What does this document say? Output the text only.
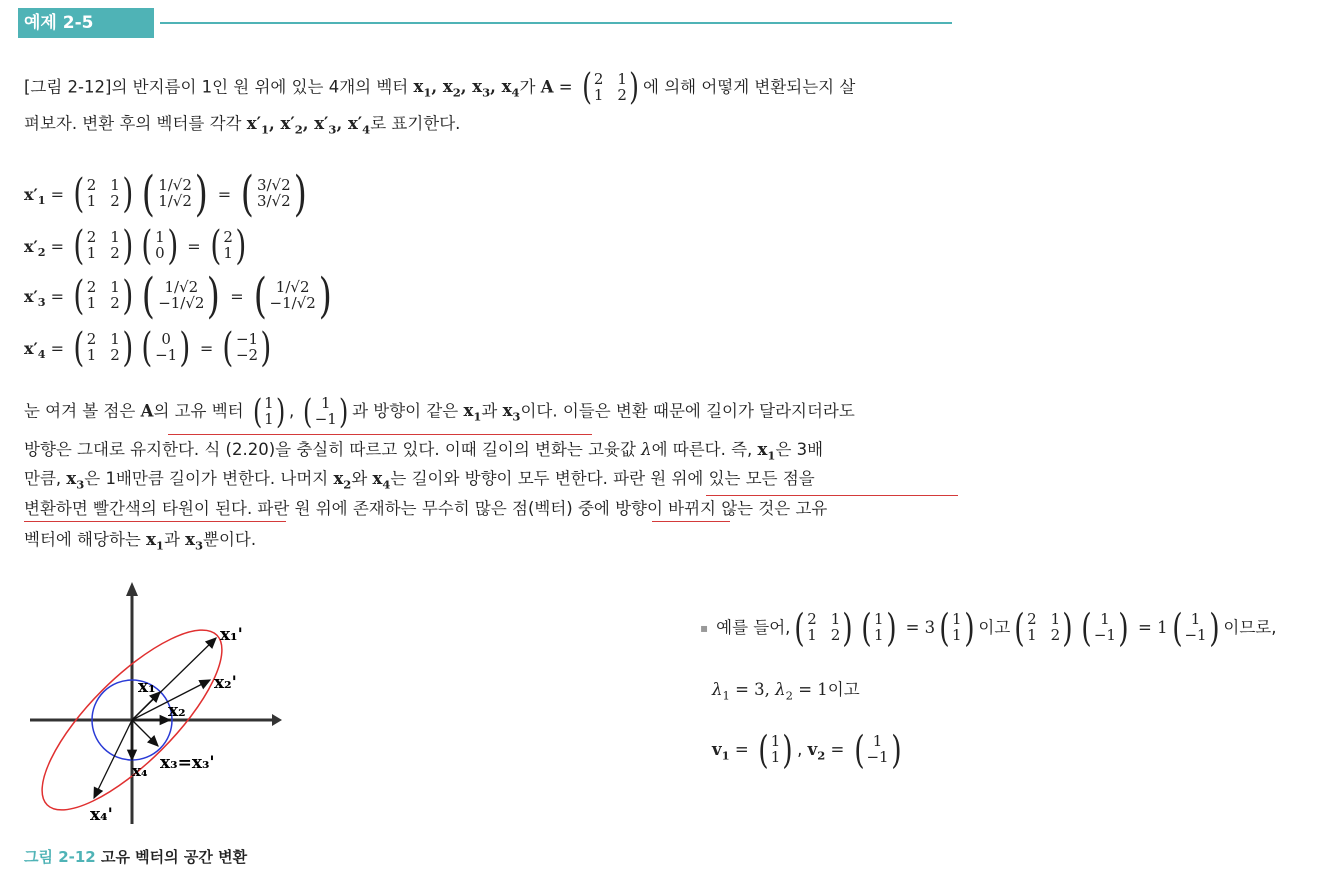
예제 2-5
[그림 2-12]의 반지름이 1인 원 위에 있는 4개의 벡터 $x_1$, $x_2$, $x_3$, $x_4$가 A = ( 2 1
1 2 ) 에 의해 어떻게 변환되는지 살
펴보자. 변환 후의 벡터를 각각 $x'_1$, $x'_2$, $x'_3$, $x'_4$로 표기한다.
$x'_1$ = ( 2 1
1 2 ) ( 1/√2
1/√2 ) = ( 3/√2
3/√2 )
$x'_2$ = ( 2 1
1 2 ) ( 1
0 ) = ( 2
1 )
$x'_3$ = ( 2 1
1 2 ) ( 1/√2
−1/√2 ) = ( 1/√2
−1/√2 )
$x'_4$ = ( 2 1
1 2 ) ( 0
−1 ) = ( −1
−2 )
눈 여겨 볼 점은 A의 고유 벡터 ( 1
1 ) , ( 1
−1 ) 과 방향이 같은 $x_1$과 $x_3$이다. 이들은 변환 때문에 길이가 달라지더라도
방향은 그대로 유지한다. 식 (2.20)을 충실히 따르고 있다. 이때 길이의 변화는 고윳값 λ에 따른다. 즉, $x_1$은 3배
만큼, $x_3$은 1배만큼 길이가 변한다. 나머지 $x_2$와 $x_4$는 길이와 방향이 모두 변한다. 파란 원 위에 있는 모든 점을
변환하면 빨간색의 타원이 된다. 파란 원 위에 존재하는 무수히 많은 점(벡터) 중에 방향이 바뀌지 않는 것은 고유
벡터에 해당하는 $x_1$과 $x_3$뿐이다.
x₁'
x₁	x₂'
x₂
x₃=x₃'
x₄
x₄'
그림 2-12 고유 벡터의 공간 변환
▪ 예를 들어, ( 2 1
1 2 ) ( 1
1 ) = 3 ( 1
1 ) 이고 ( 2 1
1 2 ) ( 1
−1 ) = 1 ( 1
−1 ) 이므로,
$\lambda_1 = 3$, $\lambda_2 = 1$이고
$v_1$ = ( 1
1 ) , $v_2$ = ( 1
−1 )
